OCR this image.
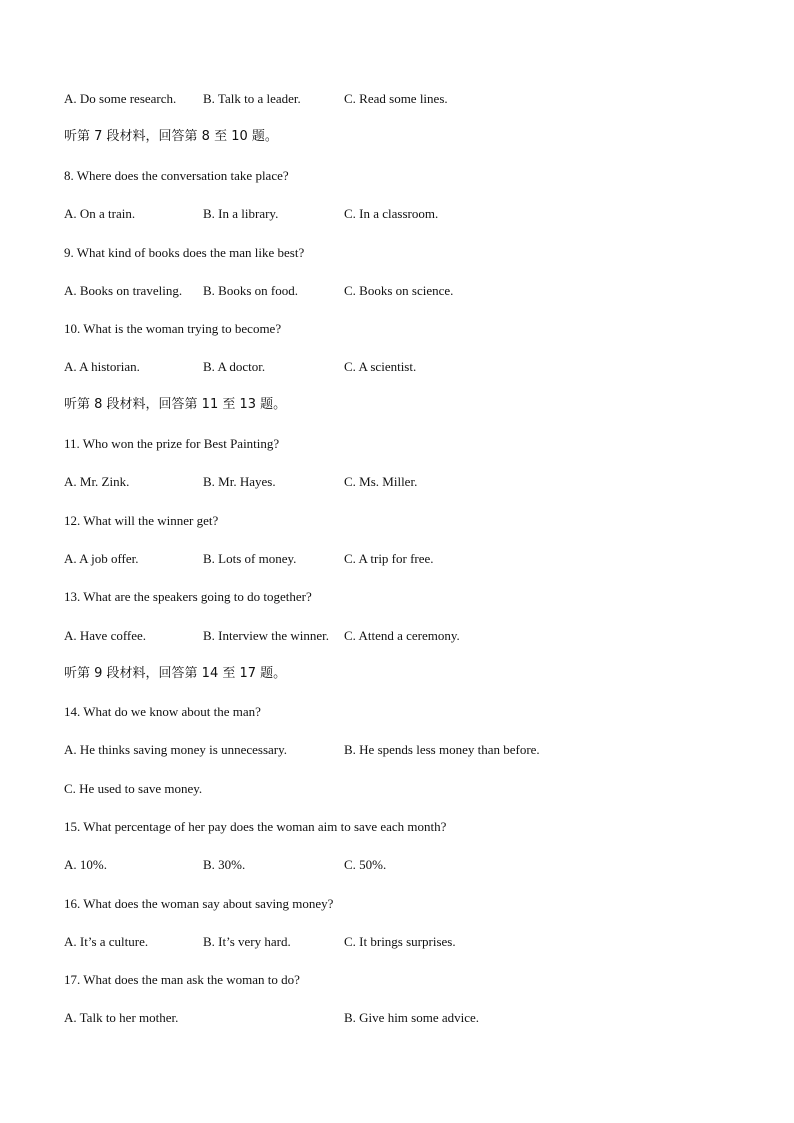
A. Do some research. B. Talk to a leader.	C. Read some lines.
听第 7 段材料，回答第 8 至 10 题。
8. Where does the conversation take place?
A. On a train.	B. In a library.	C. In a classroom.
9. What kind of books does the man like best?
A. Books on traveling. B. Books on food.	C. Books on science.
10. What is the woman trying to become?
A. A historian.	B. A doctor.	C. A scientist.
听第 8 段材料，回答第 11 至 13 题。
11. Who won the prize for Best Painting?
A. Mr. Zink.	B. Mr. Hayes.	C. Ms. Miller.
12. What will the winner get?
A. A job offer.	B. Lots of money.	C. A trip for free.
13. What are the speakers going to do together?
A. Have coffee.	B. Interview the winner. C. Attend a ceremony.
听第 9 段材料，回答第 14 至 17 题。
14. What do we know about the man?
A. He thinks saving money is unnecessary.	B. He spends less money than before.
C. He used to save money.
15. What percentage of her pay does the woman aim to save each month?
A. 10%.	B. 30%.	C. 50%.
16. What does the woman say about saving money?
A. It’s a culture.	B. It’s very hard.	C. It brings surprises.
17. What does the man ask the woman to do?
A. Talk to her mother.	B. Give him some advice.
